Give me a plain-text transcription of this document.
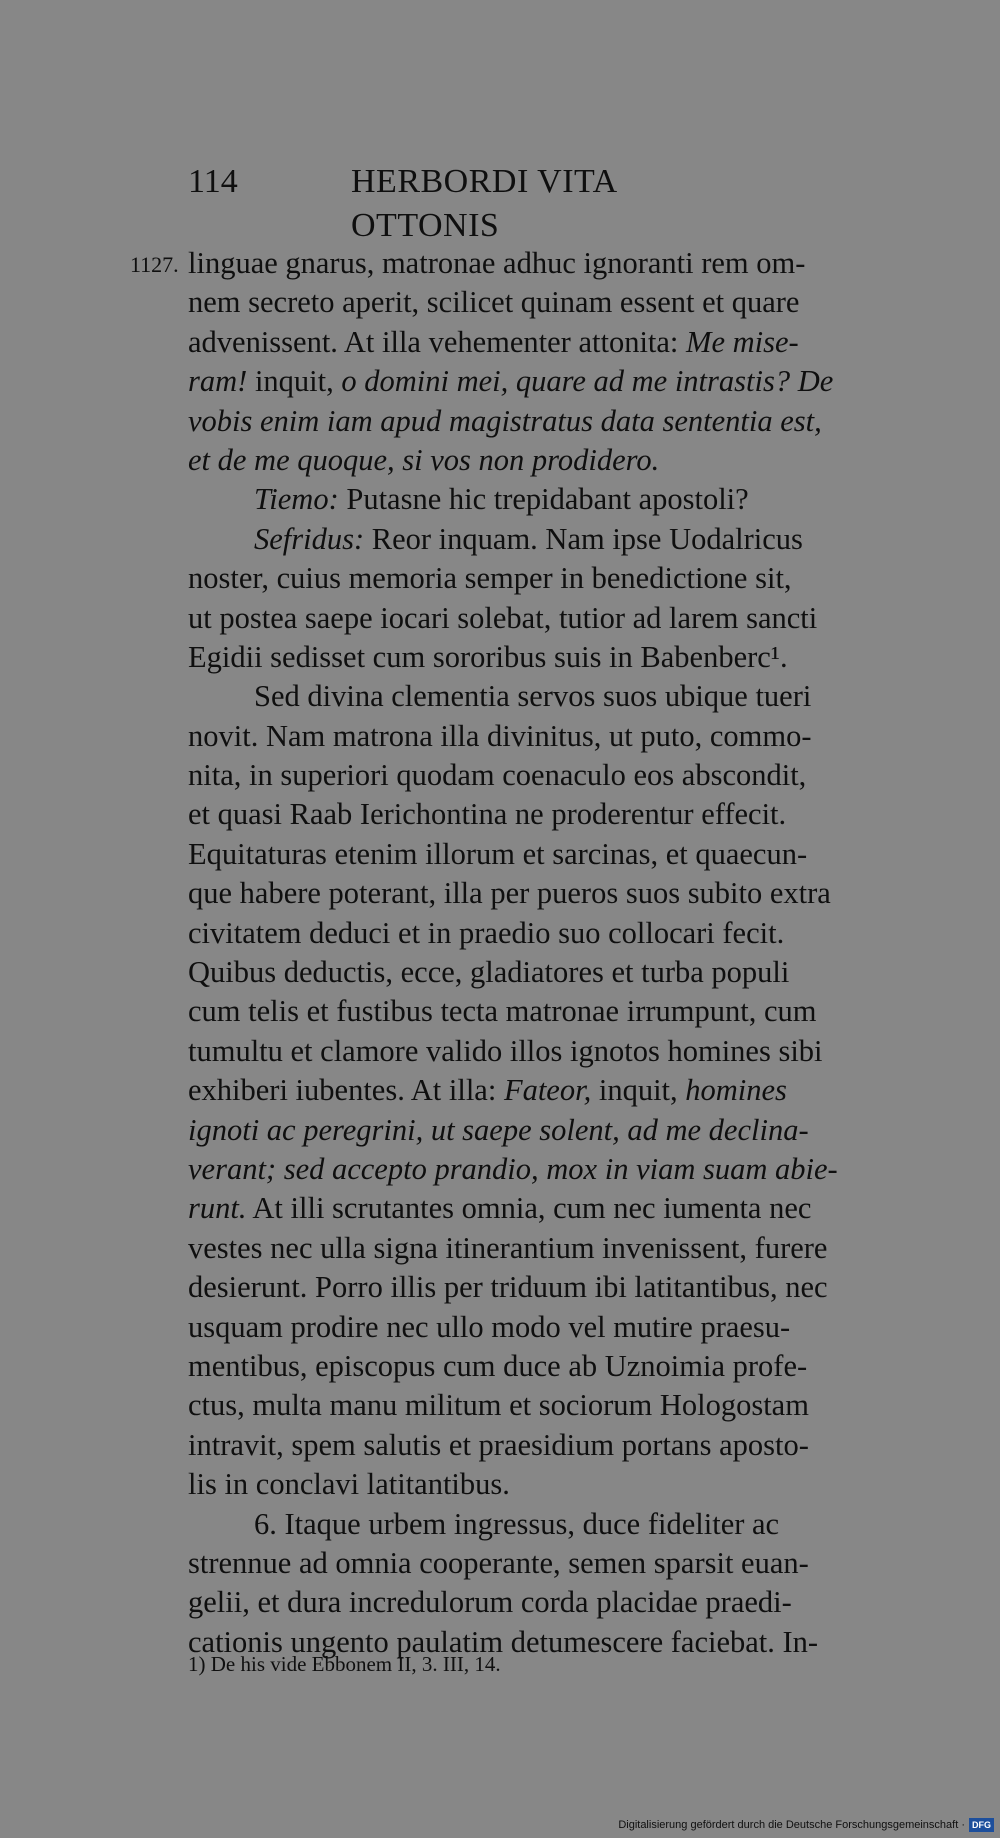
114	HERBORDI VITA OTTONIS
1127. linguae gnarus, matronae adhuc ignoranti rem om-
nem secreto aperit, scilicet quinam essent et quare
advenissent. At illa vehementer attonita: Me mise-
ram! inquit, o domini mei, quare ad me intrastis? De
vobis enim iam apud magistratus data sententia est,
et de me quoque, si vos non prodidero.
Tiemo: Putasne hic trepidabant apostoli?
Sefridus: Reor inquam. Nam ipse Uodalricus
noster, cuius memoria semper in benedictione sit,
ut postea saepe iocari solebat, tutior ad larem sancti
Egidii sedisset cum sororibus suis in Babenberc¹.
Sed divina clementia servos suos ubique tueri
novit. Nam matrona illa divinitus, ut puto, commo-
nita, in superiori quodam coenaculo eos abscondit,
et quasi Raab Ierichontina ne proderentur effecit.
Equitaturas etenim illorum et sarcinas, et quaecun-
que habere poterant, illa per pueros suos subito extra
civitatem deduci et in praedio suo collocari fecit.
Quibus deductis, ecce, gladiatores et turba populi
cum telis et fustibus tecta matronae irrumpunt, cum
tumultu et clamore valido illos ignotos homines sibi
exhiberi iubentes. At illa: Fateor, inquit, homines
ignoti ac peregrini, ut saepe solent, ad me declina-
verant; sed accepto prandio, mox in viam suam abie-
runt. At illi scrutantes omnia, cum nec iumenta nec
vestes nec ulla signa itinerantium invenissent, furere
desierunt. Porro illis per triduum ibi latitantibus, nec
usquam prodire nec ullo modo vel mutire praesu-
mentibus, episcopus cum duce ab Uznoimia profe-
ctus, multa manu militum et sociorum Hologostam
intravit, spem salutis et praesidium portans aposto-
lis in conclavi latitantibus.
6. Itaque urbem ingressus, duce fideliter ac
strennue ad omnia cooperante, semen sparsit euan-
gelii, et dura incredulorum corda placidae praedi-
cationis ungento paulatim detumescere faciebat. In-
1) De his vide Ebbonem II, 3. III, 14.
Digitalisierung gefördert durch die Deutsche Forschungsgemeinschaft · DFG
